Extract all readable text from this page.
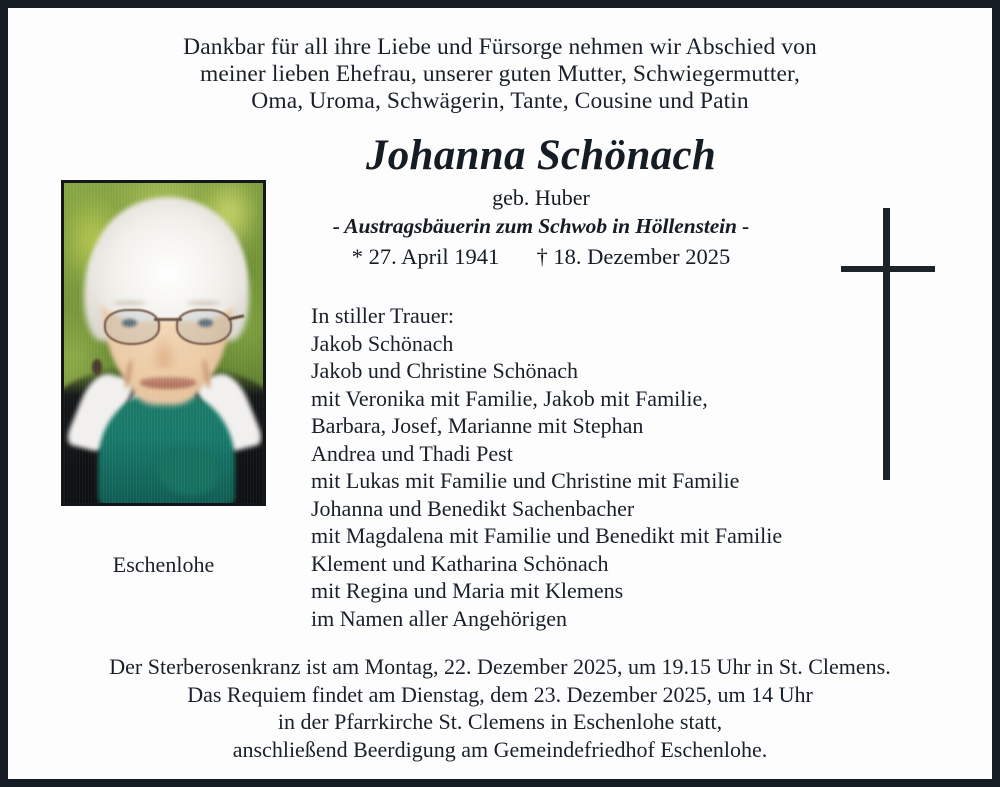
Dankbar für all ihre Liebe und Fürsorge nehmen wir Abschied von
meiner lieben Ehefrau, unserer guten Mutter, Schwiegermutter,
Oma, Uroma, Schwägerin, Tante, Cousine und Patin
Johanna Schönach
geb. Huber
- Austragsbäuerin zum Schwob in Höllenstein -
* 27. April 1941 † 18. Dezember 2025
Eschenlohe
In stiller Trauer:
Jakob Schönach
Jakob und Christine Schönach
mit Veronika mit Familie, Jakob mit Familie,
Barbara, Josef, Marianne mit Stephan
Andrea und Thadi Pest
mit Lukas mit Familie und Christine mit Familie
Johanna und Benedikt Sachenbacher
mit Magdalena mit Familie und Benedikt mit Familie
Klement und Katharina Schönach
mit Regina und Maria mit Klemens
im Namen aller Angehörigen
Der Sterberosenkranz ist am Montag, 22. Dezember 2025, um 19.15 Uhr in St. Clemens.
Das Requiem findet am Dienstag, dem 23. Dezember 2025, um 14 Uhr
in der Pfarrkirche St. Clemens in Eschenlohe statt,
anschließend Beerdigung am Gemeindefriedhof Eschenlohe.
